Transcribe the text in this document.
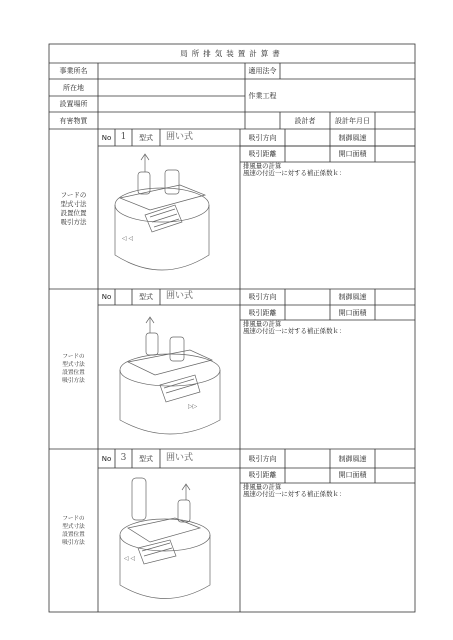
◁ ◁
▷▷
◁ ◁
局所排気装置計算書
事業所名	適用法令
所在地
作業工程
設置場所
有害物質	設計者	設計年月日
No	1	型式	囲い式
フードの
型式寸法
設置位置
吸引方法
吸引方向	制御風速
吸引距離	開口面積
排風量の計算
風速の付近一に対する補正係数ｋ：
No	型式	囲い式
フードの
型式寸法
設置位置
吸引方法
吸引方向	制御風速
吸引距離	開口面積
排風量の計算
風速の付近一に対する補正係数ｋ：
No	3	型式	囲い式
フードの
型式寸法
設置位置
吸引方法
吸引方向	制御風速
吸引距離	開口面積
排風量の計算
風速の付近一に対する補正係数ｋ：
